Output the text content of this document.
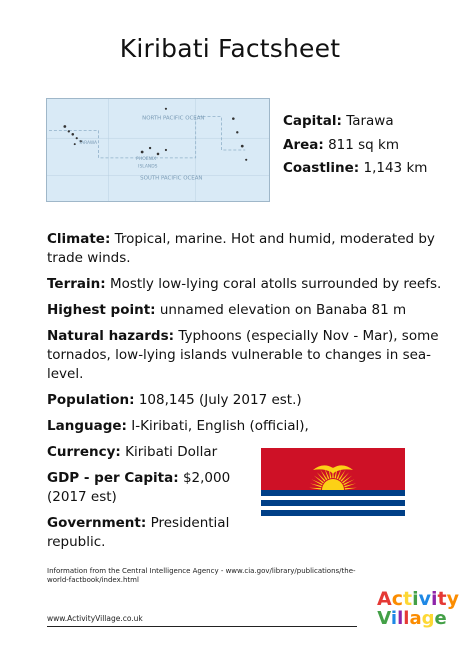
Kiribati Factsheet
NORTH PACIFIC OCEAN
SOUTH PACIFIC OCEAN
TARAWA
PHOENIX
ISLANDS
Capital: Tarawa
Area: 811 sq km
Coastline: 1,143 km
Climate: Tropical, marine. Hot and humid, moderated by trade winds.
Terrain: Mostly low-lying coral atolls surrounded by reefs.
Highest point: unnamed elevation on Banaba 81 m
Natural hazards: Typhoons (especially Nov - Mar), some tornados, low-lying islands vulnerable to changes in sea-level.
Population: 108,145 (July 2017 est.)
Language: I-Kiribati, English (official),
Currency: Kiribati Dollar
GDP - per Capita: $2,000 (2017 est)
Government: Presidential republic.
Information from the Central Intelligence Agency - www.cia.gov/library/publications/the-world-factbook/index.html
www.ActivityVillage.co.uk
Activity
Village
